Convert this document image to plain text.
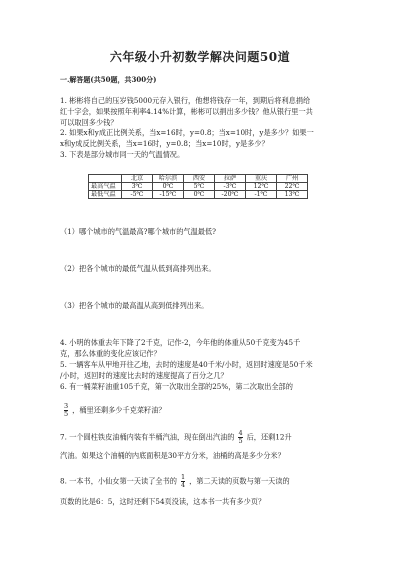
六年级小升初数学解决问题50道
一.解答题(共50题，共300分)
1. 彬彬将自己的压岁钱5000元存入银行，他想将钱存一年，到期后将利息捐给
红十字会，如果按照年利率4.14%计算，彬彬可以捐出多少钱？他从银行里一共
可以取回多少钱？
2. 如果x和y成正比例关系，当x=16时，y=0.8；当x=10时，y是多少？如果一
x和y成反比例关系，当x=16时，y=0.8；当x=10时，y是多少？
3. 下表是部分城市同一天的气温情况。
	北京	哈尔滨	西安	拉萨	重庆	广州
最高气温	3℃	0℃	5℃	-3℃	12℃	22℃
最低气温	-5℃	-15℃	0℃	-20℃	-1℃	13℃
（1）哪个城市的气温最高?哪个城市的气温最低?
（2）把各个城市的最低气温从低到高排列出来。
（3）把各个城市的最高温从高到低排列出来。
4. 小明的体重去年下降了2千克，记作-2，今年他的体重从50千克变为45千
克，那么体重的变化应该记作？
5. 一辆客车从甲地开往乙地，去时的速度是40千米/小时，返回时速度是50千米
/小时，返回时的速度比去时的速度提高了百分之几？
6. 有一桶菜籽油重105千克，第一次取出全部的25%，第二次取出全部的
$\frac{3}{5}$ ，桶里还剩多少千克菜籽油？
7. 一个圆柱铁皮油桶内装有半桶汽油，现在倒出汽油的 $\frac{4}{5}$ 后，还剩12升
汽油。如果这个油桶的内底面积是30平方分米，油桶的高是多少分米？
8. 一本书，小仙女第一天读了全书的 $\frac{1}{4}$ ，第二天读的页数与第一天读的
页数的比是6：5，这时还剩下54页没读，这本书一共有多少页？
